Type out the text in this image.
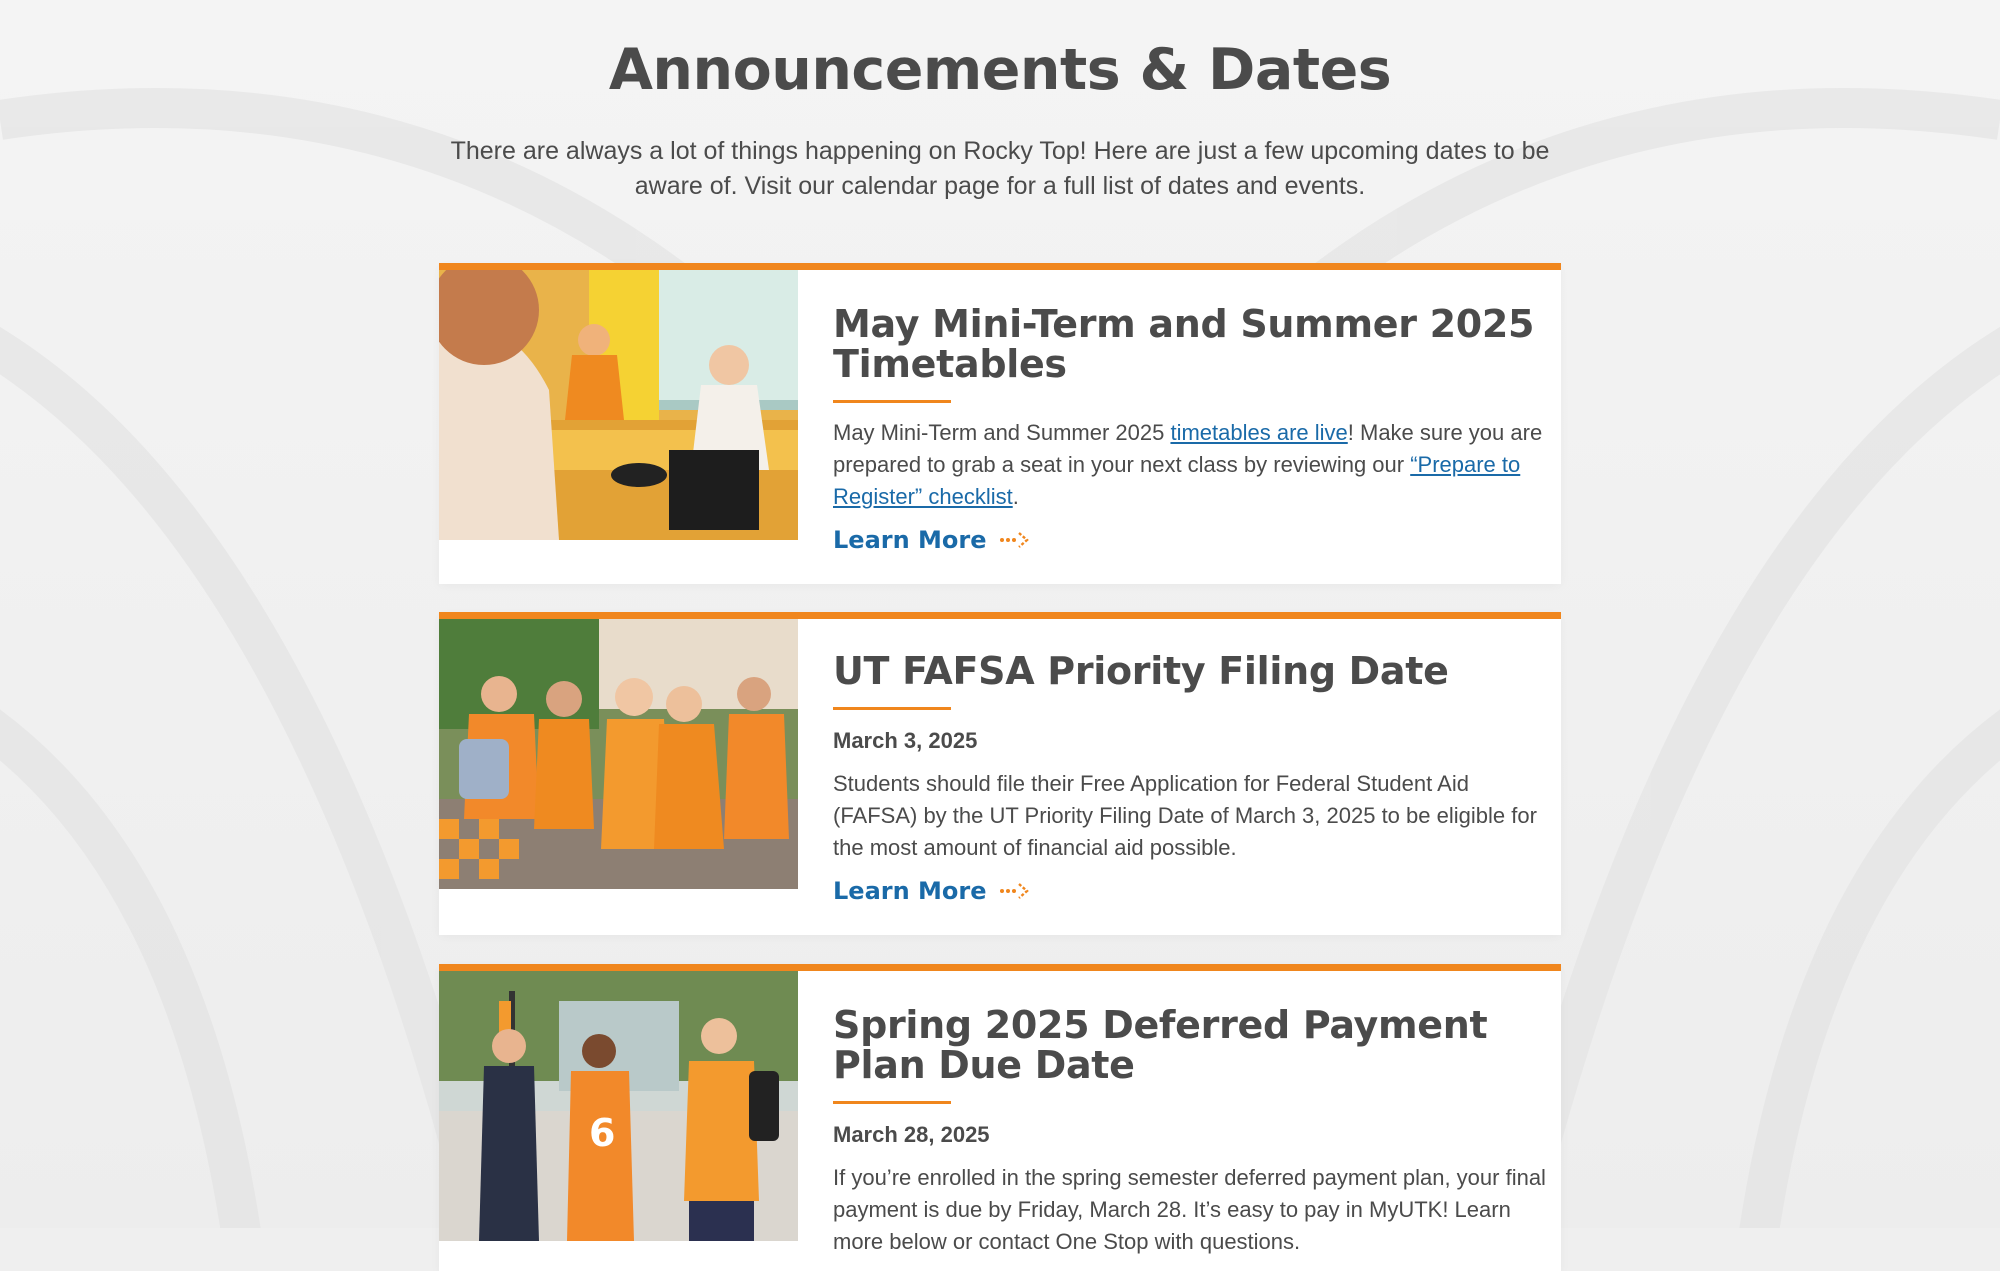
Announcements & Dates
There are always a lot of things happening on Rocky Top! Here are just a few upcoming dates to be aware of. Visit our calendar page for a full list of dates and events.
May Mini-Term and Summer 2025 Timetables
May Mini-Term and Summer 2025 timetables are live! Make sure you are prepared to grab a seat in your next class by reviewing our “Prepare to Register” checklist.
Learn More
UT FAFSA Priority Filing Date
March 3, 2025
Students should file their Free Application for Federal Student Aid (FAFSA) by the UT Priority Filing Date of March 3, 2025 to be eligible for the most amount of financial aid possible.
Learn More
6
Spring 2025 Deferred Payment Plan Due Date
March 28, 2025
If you’re enrolled in the spring semester deferred payment plan, your final payment is due by Friday, March 28. It’s easy to pay in MyUTK! Learn more below or contact One Stop with questions.
